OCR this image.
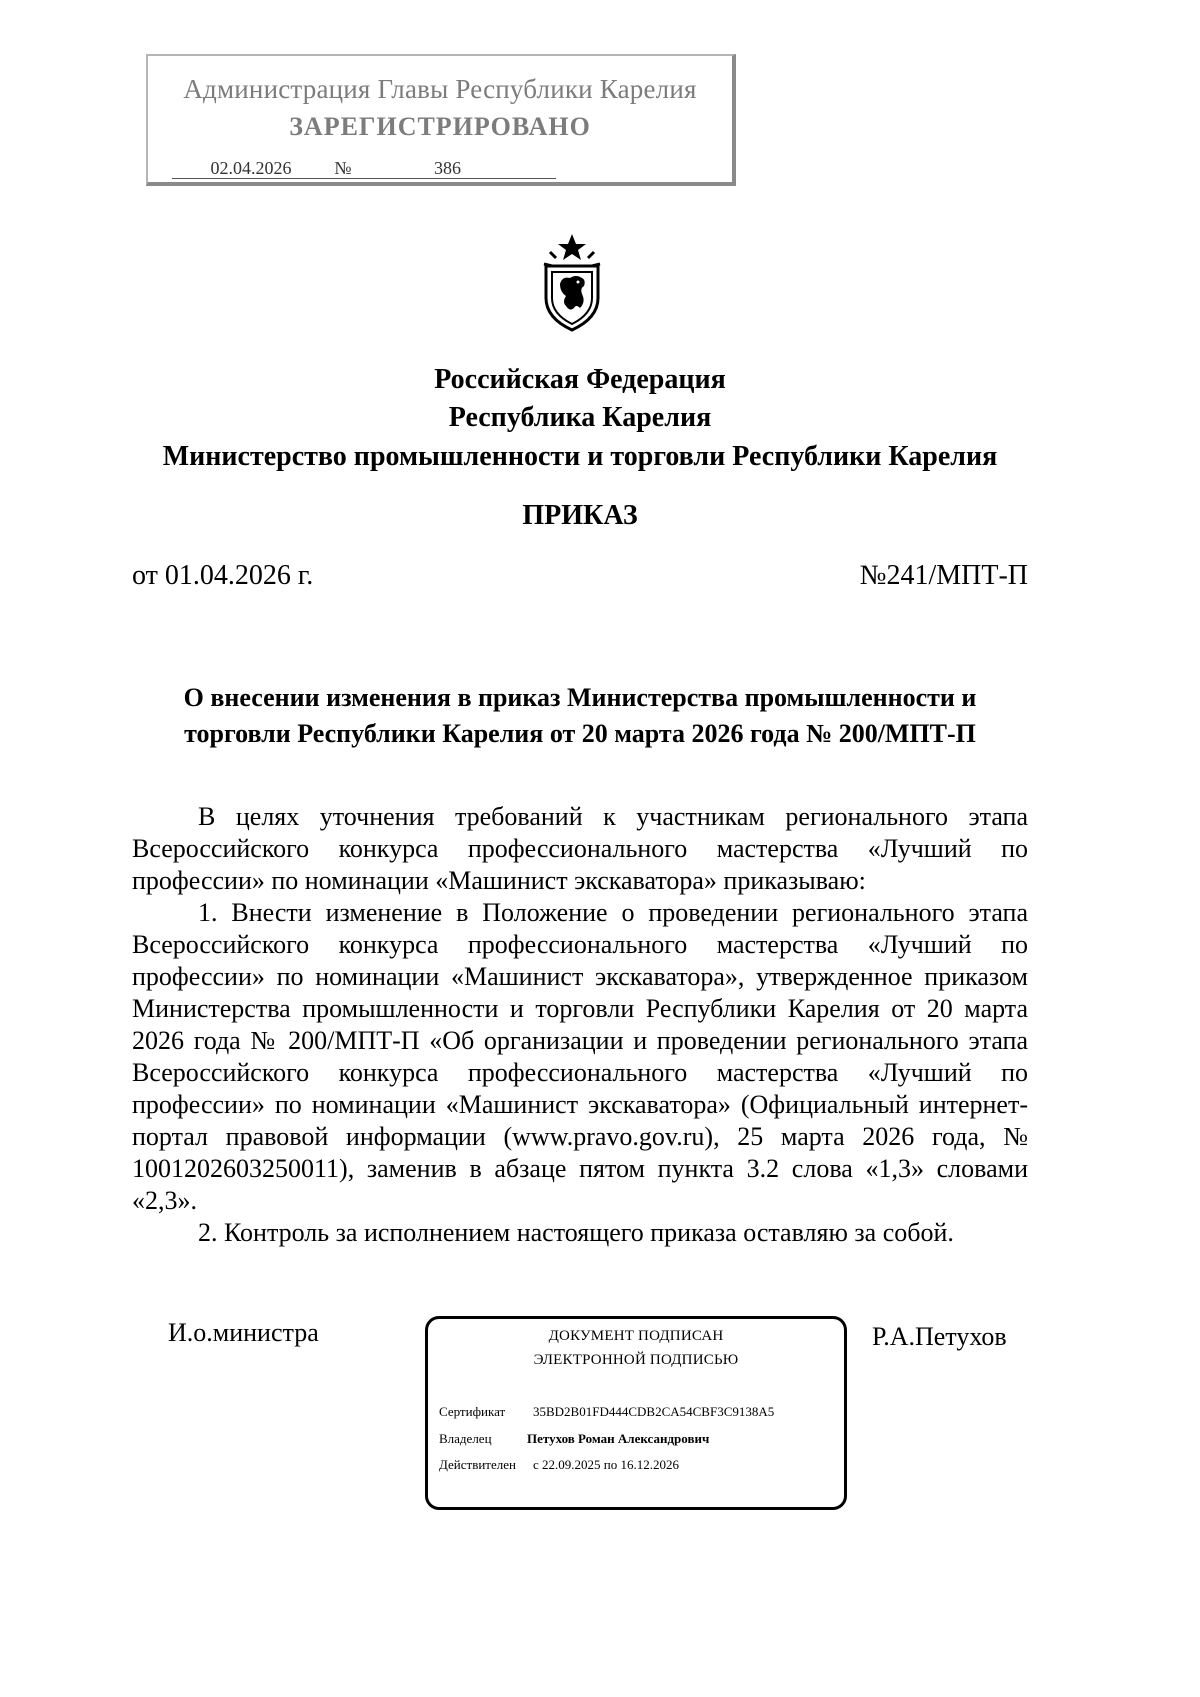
Администрация Главы Республики Карелия
ЗАРЕГИСТРИРОВАНО
02.04.2026 №	386
Российская Федерация
Республика Карелия
Министерство промышленности и торговли Республики Карелия
ПРИКАЗ
от 01.04.2026 г.	№241/МПТ-П
О внесении изменения в приказ Министерства промышленности и
торговли Республики Карелия от 20 марта 2026 года № 200/МПТ-П

В целях уточнения требований к участникам регионального этапа Всероссийского конкурса профессионального мастерства «Лучший по профессии» по номинации «Машинист экскаватора» приказываю:

1. Внести изменение в Положение о проведении регионального этапа Всероссийского конкурса профессионального мастерства «Лучший по профессии» по номинации «Машинист экскаватора», утвержденное приказом Министерства промышленности и торговли Республики Карелия от 20 марта 2026 года № 200/МПТ-П «Об организации и проведении регионального этапа Всероссийского конкурса профессионального мастерства «Лучший по профессии» по номинации «Машинист экскаватора» (Официальный интернет-портал правовой информации (www.pravo.gov.ru), 25 марта 2026 года, № 1001202603250011), заменив в абзаце пятом пункта 3.2 слова «1,3» словами «2,3».

2. Контроль за исполнением настоящего приказа оставляю за собой.

И.о.министра	Р.А.Петухов
ДОКУМЕНТ ПОДПИСАН
ЭЛЕКТРОННОЙ ПОДПИСЬЮ
Сертификат 35BD2B01FD444CDB2CA54CBF3C9138A5
Владелец	Петухов Роман Александрович
Действителен с 22.09.2025 по 16.12.2026
